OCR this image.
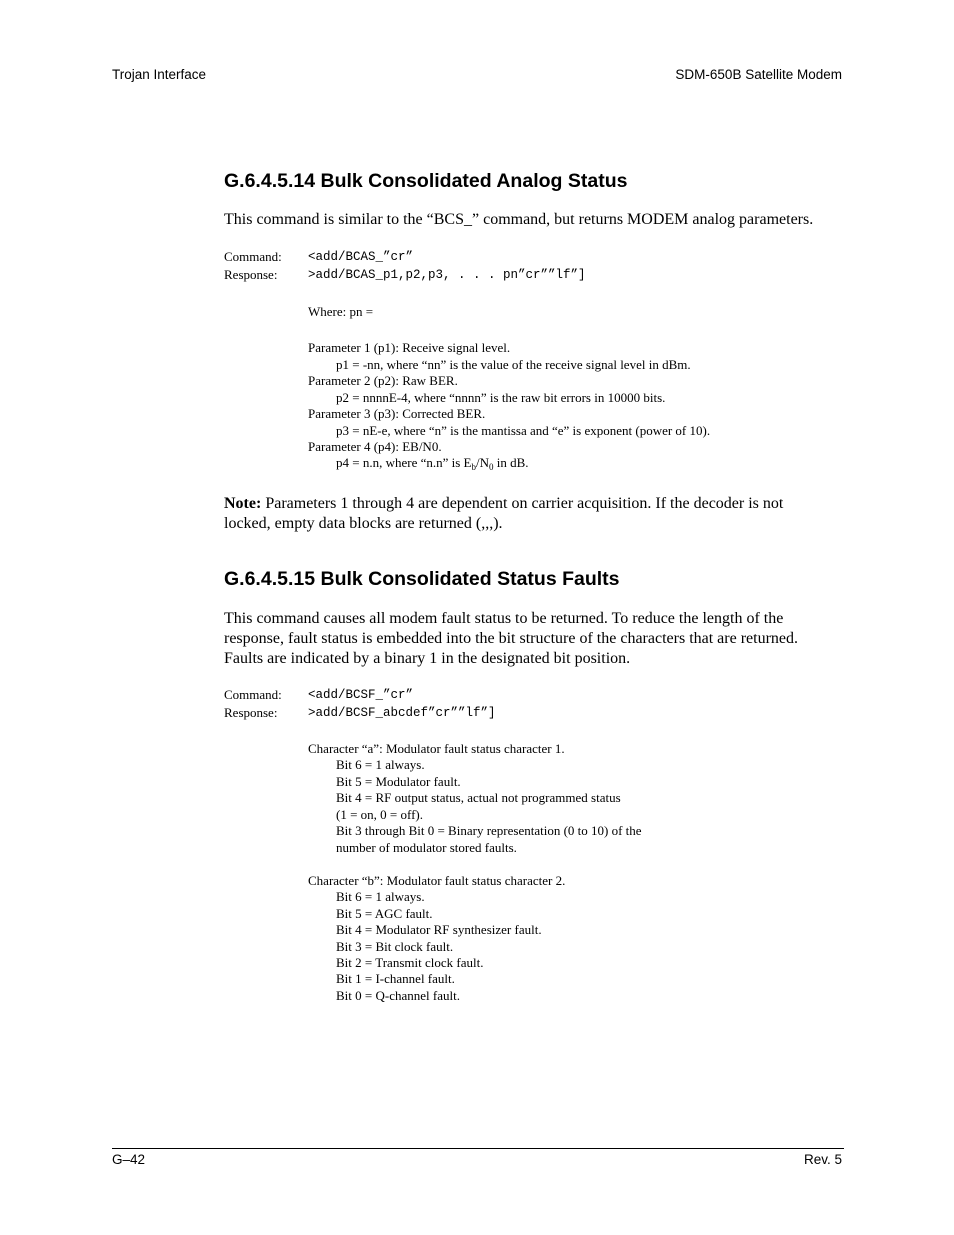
Trojan Interface	SDM-650B Satellite Modem
G.6.4.5.14 Bulk Consolidated Analog Status
This command is similar to the “BCS_” command, but returns MODEM analog parameters.
Command: <add/BCAS_”cr”
Response: >add/BCAS_p1,p2,p3, . . . pn”cr””lf”]
Where: pn =
Parameter 1 (p1): Receive signal level.
p1 = -nn, where “nn” is the value of the receive signal level in dBm.
Parameter 2 (p2): Raw BER.
p2 = nnnnE-4, where “nnnn” is the raw bit errors in 10000 bits.
Parameter 3 (p3): Corrected BER.
p3 = nE-e, where “n” is the mantissa and “e” is exponent (power of 10).
Parameter 4 (p4): EB/N0.
p4 = n.n, where “n.n” is $E_b/N_0$ in dB.
Note: Parameters 1 through 4 are dependent on carrier acquisition. If the decoder is not
locked, empty data blocks are returned (,,,).
G.6.4.5.15 Bulk Consolidated Status Faults
This command causes all modem fault status to be returned. To reduce the length of the
response, fault status is embedded into the bit structure of the characters that are returned.
Faults are indicated by a binary 1 in the designated bit position.
Command: <add/BCSF_”cr”
Response: >add/BCSF_abcdef”cr””lf”]
Character “a”: Modulator fault status character 1.
Bit 6 = 1 always.
Bit 5 = Modulator fault.
Bit 4 = RF output status, actual not programmed status
(1 = on, 0 = off).
Bit 3 through Bit 0 = Binary representation (0 to 10) of the
number of modulator stored faults.
Character “b”: Modulator fault status character 2.
Bit 6 = 1 always.
Bit 5 = AGC fault.
Bit 4 = Modulator RF synthesizer fault.
Bit 3 = Bit clock fault.
Bit 2 = Transmit clock fault.
Bit 1 = I-channel fault.
Bit 0 = Q-channel fault.
G–42	Rev. 5
